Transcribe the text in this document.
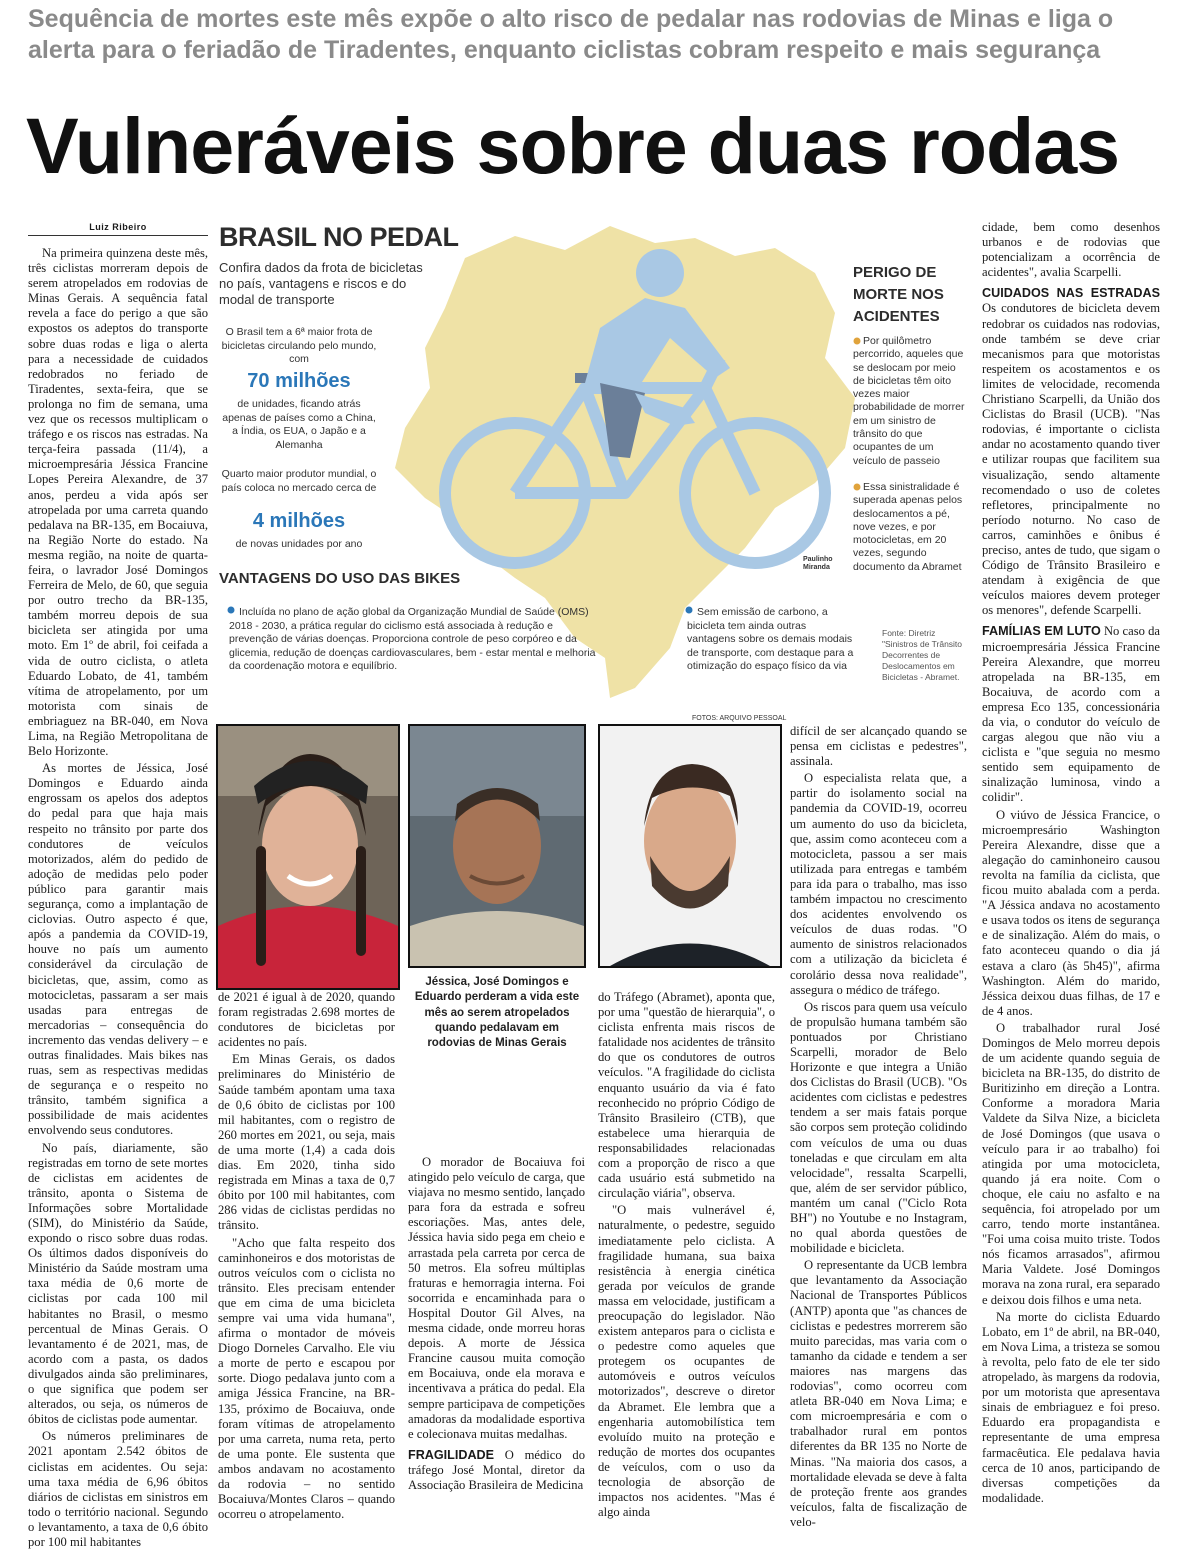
Sequência de mortes este mês expõe o alto risco de pedalar nas rodovias de Minas e liga o alerta para o feriadão de Tiradentes, enquanto ciclistas cobram respeito e mais segurança
Vulneráveis sobre duas rodas
Luiz Ribeiro

Na primeira quinzena deste mês, três ciclistas morreram depois de serem atropelados em rodovias de Minas Gerais. A sequência fatal revela a face do perigo a que são expostos os adeptos do transporte sobre duas rodas e liga o alerta para a necessidade de cuidados redobrados no feriado de Tiradentes, sexta-feira, que se prolonga no fim de semana, uma vez que os recessos multiplicam o tráfego e os riscos nas estradas. Na terça-feira passada (11/4), a microempresária Jéssica Francine Lopes Pereira Alexandre, de 37 anos, perdeu a vida após ser atropelada por uma carreta quando pedalava na BR-135, em Bocaiuva, na Região Norte do estado. Na mesma região, na noite de quarta-feira, o lavrador José Domingos Ferreira de Melo, de 60, que seguia por outro trecho da BR-135, também morreu depois de sua bicicleta ser atingida por uma moto. Em 1º de abril, foi ceifada a vida de outro ciclista, o atleta Eduardo Lobato, de 41, também vítima de atropelamento, por um motorista com sinais de embriaguez na BR-040, em Nova Lima, na Região Metropolitana de Belo Horizonte.

As mortes de Jéssica, José Domingos e Eduardo ainda engrossam os apelos dos adeptos do pedal para que haja mais respeito no trânsito por parte dos condutores de veículos motorizados, além do pedido de adoção de medidas pelo poder público para garantir mais segurança, como a implantação de ciclovias. Outro aspecto é que, após a pandemia da COVID-19, houve no país um aumento considerável da circulação de bicicletas, que, assim, como as motocicletas, passaram a ser mais usadas para entregas de mercadorias – consequência do incremento das vendas delivery – e outras finalidades. Mais bikes nas ruas, sem as respectivas medidas de segurança e o respeito no trânsito, também significa a possibilidade de mais acidentes envolvendo seus condutores.

No país, diariamente, são registradas em torno de sete mortes de ciclistas em acidentes de trânsito, aponta o Sistema de Informações sobre Mortalidade (SIM), do Ministério da Saúde, expondo o risco sobre duas rodas. Os últimos dados disponíveis do Ministério da Saúde mostram uma taxa média de 0,6 morte de ciclistas por cada 100 mil habitantes no Brasil, o mesmo percentual de Minas Gerais. O levantamento é de 2021, mas, de acordo com a pasta, os dados divulgados ainda são preliminares, o que significa que podem ser alterados, ou seja, os números de óbitos de ciclistas pode aumentar.

Os números preliminares de 2021 apontam 2.542 óbitos de ciclistas em acidentes. Ou seja: uma taxa média de 6,96 óbitos diários de ciclistas em sinistros em todo o território nacional. Segundo o levantamento, a taxa de 0,6 óbito por 100 mil habitantes

BRASIL NO PEDAL
Confira dados da frota de bicicletas no país, vantagens e riscos e do modal de transporte
O Brasil tem a 6ª maior frota de bicicletas circulando pelo mundo, com
70 milhões
de unidades, ficando atrás apenas de países como a China, a Índia, os EUA, o Japão e a Alemanha
Quarto maior produtor mundial, o país coloca no mercado cerca de
4 milhões
de novas unidades por ano
PERIGO DE MORTE NOS ACIDENTES
Por quilômetro percorrido, aqueles que se deslocam por meio de bicicletas têm oito vezes maior probabilidade de morrer em um sinistro de trânsito do que ocupantes de um veículo de passeio
Essa sinistralidade é superada apenas pelos deslocamentos a pé, nove vezes, e por motocicletas, em 20 vezes, segundo documento da Abramet
Paulinho
Miranda
VANTAGENS DO USO DAS BIKES
Incluída no plano de ação global da Organização Mundial de Saúde (OMS) 2018 - 2030, a prática regular do ciclismo está associada à redução e prevenção de várias doenças. Proporciona controle de peso corpóreo e da glicemia, redução de doenças cardiovasculares, bem - estar mental e melhoria da coordenação motora e equilíbrio.
Sem emissão de carbono, a bicicleta tem ainda outras vantagens sobre os demais modais de transporte, com destaque para a otimização do espaço físico da via
Fonte: Diretriz "Sinistros de Trânsito Decorrentes de Deslocamentos em Bicicletas - Abramet.
FOTOS: ARQUIVO PESSOAL
Jéssica, José Domingos e Eduardo perderam a vida este mês ao serem atropelados quando pedalavam em rodovias de Minas Gerais

de 2021 é igual à de 2020, quando foram registradas 2.698 mortes de condutores de bicicletas por acidentes no país.

Em Minas Gerais, os dados preliminares do Ministério de Saúde também apontam uma taxa de 0,6 óbito de ciclistas por 100 mil habitantes, com o registro de 260 mortes em 2021, ou seja, mais de uma morte (1,4) a cada dois dias. Em 2020, tinha sido registrada em Minas a taxa de 0,7 óbito por 100 mil habitantes, com 286 vidas de ciclistas perdidas no trânsito.

"Acho que falta respeito dos caminhoneiros e dos motoristas de outros veículos com o ciclista no trânsito. Eles precisam entender que em cima de uma bicicleta sempre vai uma vida humana", afirma o montador de móveis Diogo Dorneles Carvalho. Ele viu a morte de perto e escapou por sorte. Diogo pedalava junto com a amiga Jéssica Francine, na BR-135, próximo de Bocaiuva, onde foram vítimas de atropelamento por uma carreta, numa reta, perto de uma ponte. Ele sustenta que ambos andavam no acostamento da rodovia – no sentido Bocaiuva/Montes Claros – quando ocorreu o atropelamento.

O morador de Bocaiuva foi atingido pelo veículo de carga, que viajava no mesmo sentido, lançado para fora da estrada e sofreu escoriações. Mas, antes dele, Jéssica havia sido pega em cheio e arrastada pela carreta por cerca de 50 metros. Ela sofreu múltiplas fraturas e hemorragia interna. Foi socorrida e encaminhada para o Hospital Doutor Gil Alves, na mesma cidade, onde morreu horas depois. A morte de Jéssica Francine causou muita comoção em Bocaiuva, onde ela morava e incentivava a prática do pedal. Ela sempre participava de competições amadoras da modalidade esportiva e colecionava muitas medalhas.

FRAGILIDADE O médico do tráfego José Montal, diretor da Associação Brasileira de Medicina

do Tráfego (Abramet), aponta que, por uma "questão de hierarquia", o ciclista enfrenta mais riscos de fatalidade nos acidentes de trânsito do que os condutores de outros veículos. "A fragilidade do ciclista enquanto usuário da via é fato reconhecido no próprio Código de Trânsito Brasileiro (CTB), que estabelece uma hierarquia de responsabilidades relacionadas com a proporção de risco a que cada usuário está submetido na circulação viária", observa.

"O mais vulnerável é, naturalmente, o pedestre, seguido imediatamente pelo ciclista. A fragilidade humana, sua baixa resistência à energia cinética gerada por veículos de grande massa em velocidade, justificam a preocupação do legislador. Não existem anteparos para o ciclista e o pedestre como aqueles que protegem os ocupantes de automóveis e outros veículos motorizados", descreve o diretor da Abramet. Ele lembra que a engenharia automobilística tem evoluído muito na proteção e redução de mortes dos ocupantes de veículos, com o uso da tecnologia de absorção de impactos nos acidentes. "Mas é algo ainda

difícil de ser alcançado quando se pensa em ciclistas e pedestres", assinala.

O especialista relata que, a partir do isolamento social na pandemia da COVID-19, ocorreu um aumento do uso da bicicleta, que, assim como aconteceu com a motocicleta, passou a ser mais utilizada para entregas e também para ida para o trabalho, mas isso também impactou no crescimento dos acidentes envolvendo os veículos de duas rodas. "O aumento de sinistros relacionados com a utilização da bicicleta é corolário dessa nova realidade", assegura o médico de tráfego.

Os riscos para quem usa veículo de propulsão humana também são pontuados por Christiano Scarpelli, morador de Belo Horizonte e que integra a União dos Ciclistas do Brasil (UCB). "Os acidentes com ciclistas e pedestres tendem a ser mais fatais porque são corpos sem proteção colidindo com veículos de uma ou duas toneladas e que circulam em alta velocidade", ressalta Scarpelli, que, além de ser servidor público, mantém um canal ("Ciclo Rota BH") no Youtube e no Instagram, no qual aborda questões de mobilidade e bicicleta.

O representante da UCB lembra que levantamento da Associação Nacional de Transportes Públicos (ANTP) aponta que "as chances de ciclistas e pedestres morrerem são muito parecidas, mas varia com o tamanho da cidade e tendem a ser maiores nas margens das rodovias", como ocorreu com atleta BR-040 em Nova Lima; e com microempresária e com o trabalhador rural em pontos diferentes da BR 135 no Norte de Minas. "Na maioria dos casos, a mortalidade elevada se deve à falta de proteção frente aos grandes veículos, falta de fiscalização de velo-

cidade, bem como desenhos urbanos e de rodovias que potencializam a ocorrência de acidentes", avalia Scarpelli.

CUIDADOS NAS ESTRADAS Os condutores de bicicleta devem redobrar os cuidados nas rodovias, onde também se deve criar mecanismos para que motoristas respeitem os acostamentos e os limites de velocidade, recomenda Christiano Scarpelli, da União dos Ciclistas do Brasil (UCB). "Nas rodovias, é importante o ciclista andar no acostamento quando tiver e utilizar roupas que facilitem sua visualização, sendo altamente recomendado o uso de coletes refletores, principalmente no período noturno. No caso de carros, caminhões e ônibus é preciso, antes de tudo, que sigam o Código de Trânsito Brasileiro e atendam à exigência de que veículos maiores devem proteger os menores", defende Scarpelli.

FAMÍLIAS EM LUTO No caso da microempresária Jéssica Francine Pereira Alexandre, que morreu atropelada na BR-135, em Bocaiuva, de acordo com a empresa Eco 135, concessionária da via, o condutor do veículo de cargas alegou que não viu a ciclista e "que seguia no mesmo sentido sem equipamento de sinalização luminosa, vindo a colidir".

O viúvo de Jéssica Francice, o microempresário Washington Pereira Alexandre, disse que a alegação do caminhoneiro causou revolta na família da ciclista, que ficou muito abalada com a perda. "A Jéssica andava no acostamento e usava todos os itens de segurança e de sinalização. Além do mais, o fato aconteceu quando o dia já estava a claro (às 5h45)", afirma Washington. Além do marido, Jéssica deixou duas filhas, de 17 e de 4 anos.

O trabalhador rural José Domingos de Melo morreu depois de um acidente quando seguia de bicicleta na BR-135, do distrito de Buritizinho em direção a Lontra. Conforme a moradora Maria Valdete da Silva Nize, a bicicleta de José Domingos (que usava o veículo para ir ao trabalho) foi atingida por uma motocicleta, quando já era noite. Com o choque, ele caiu no asfalto e na sequência, foi atropelado por um carro, tendo morte instantânea. "Foi uma coisa muito triste. Todos nós ficamos arrasados", afirmou Maria Valdete. José Domingos morava na zona rural, era separado e deixou dois filhos e uma neta.

Na morte do ciclista Eduardo Lobato, em 1º de abril, na BR-040, em Nova Lima, a tristeza se somou à revolta, pelo fato de ele ter sido atropelado, às margens da rodovia, por um motorista que apresentava sinais de embriaguez e foi preso. Eduardo era propagandista e representante de uma empresa farmacêutica. Ele pedalava havia cerca de 10 anos, participando de diversas competições da modalidade.
